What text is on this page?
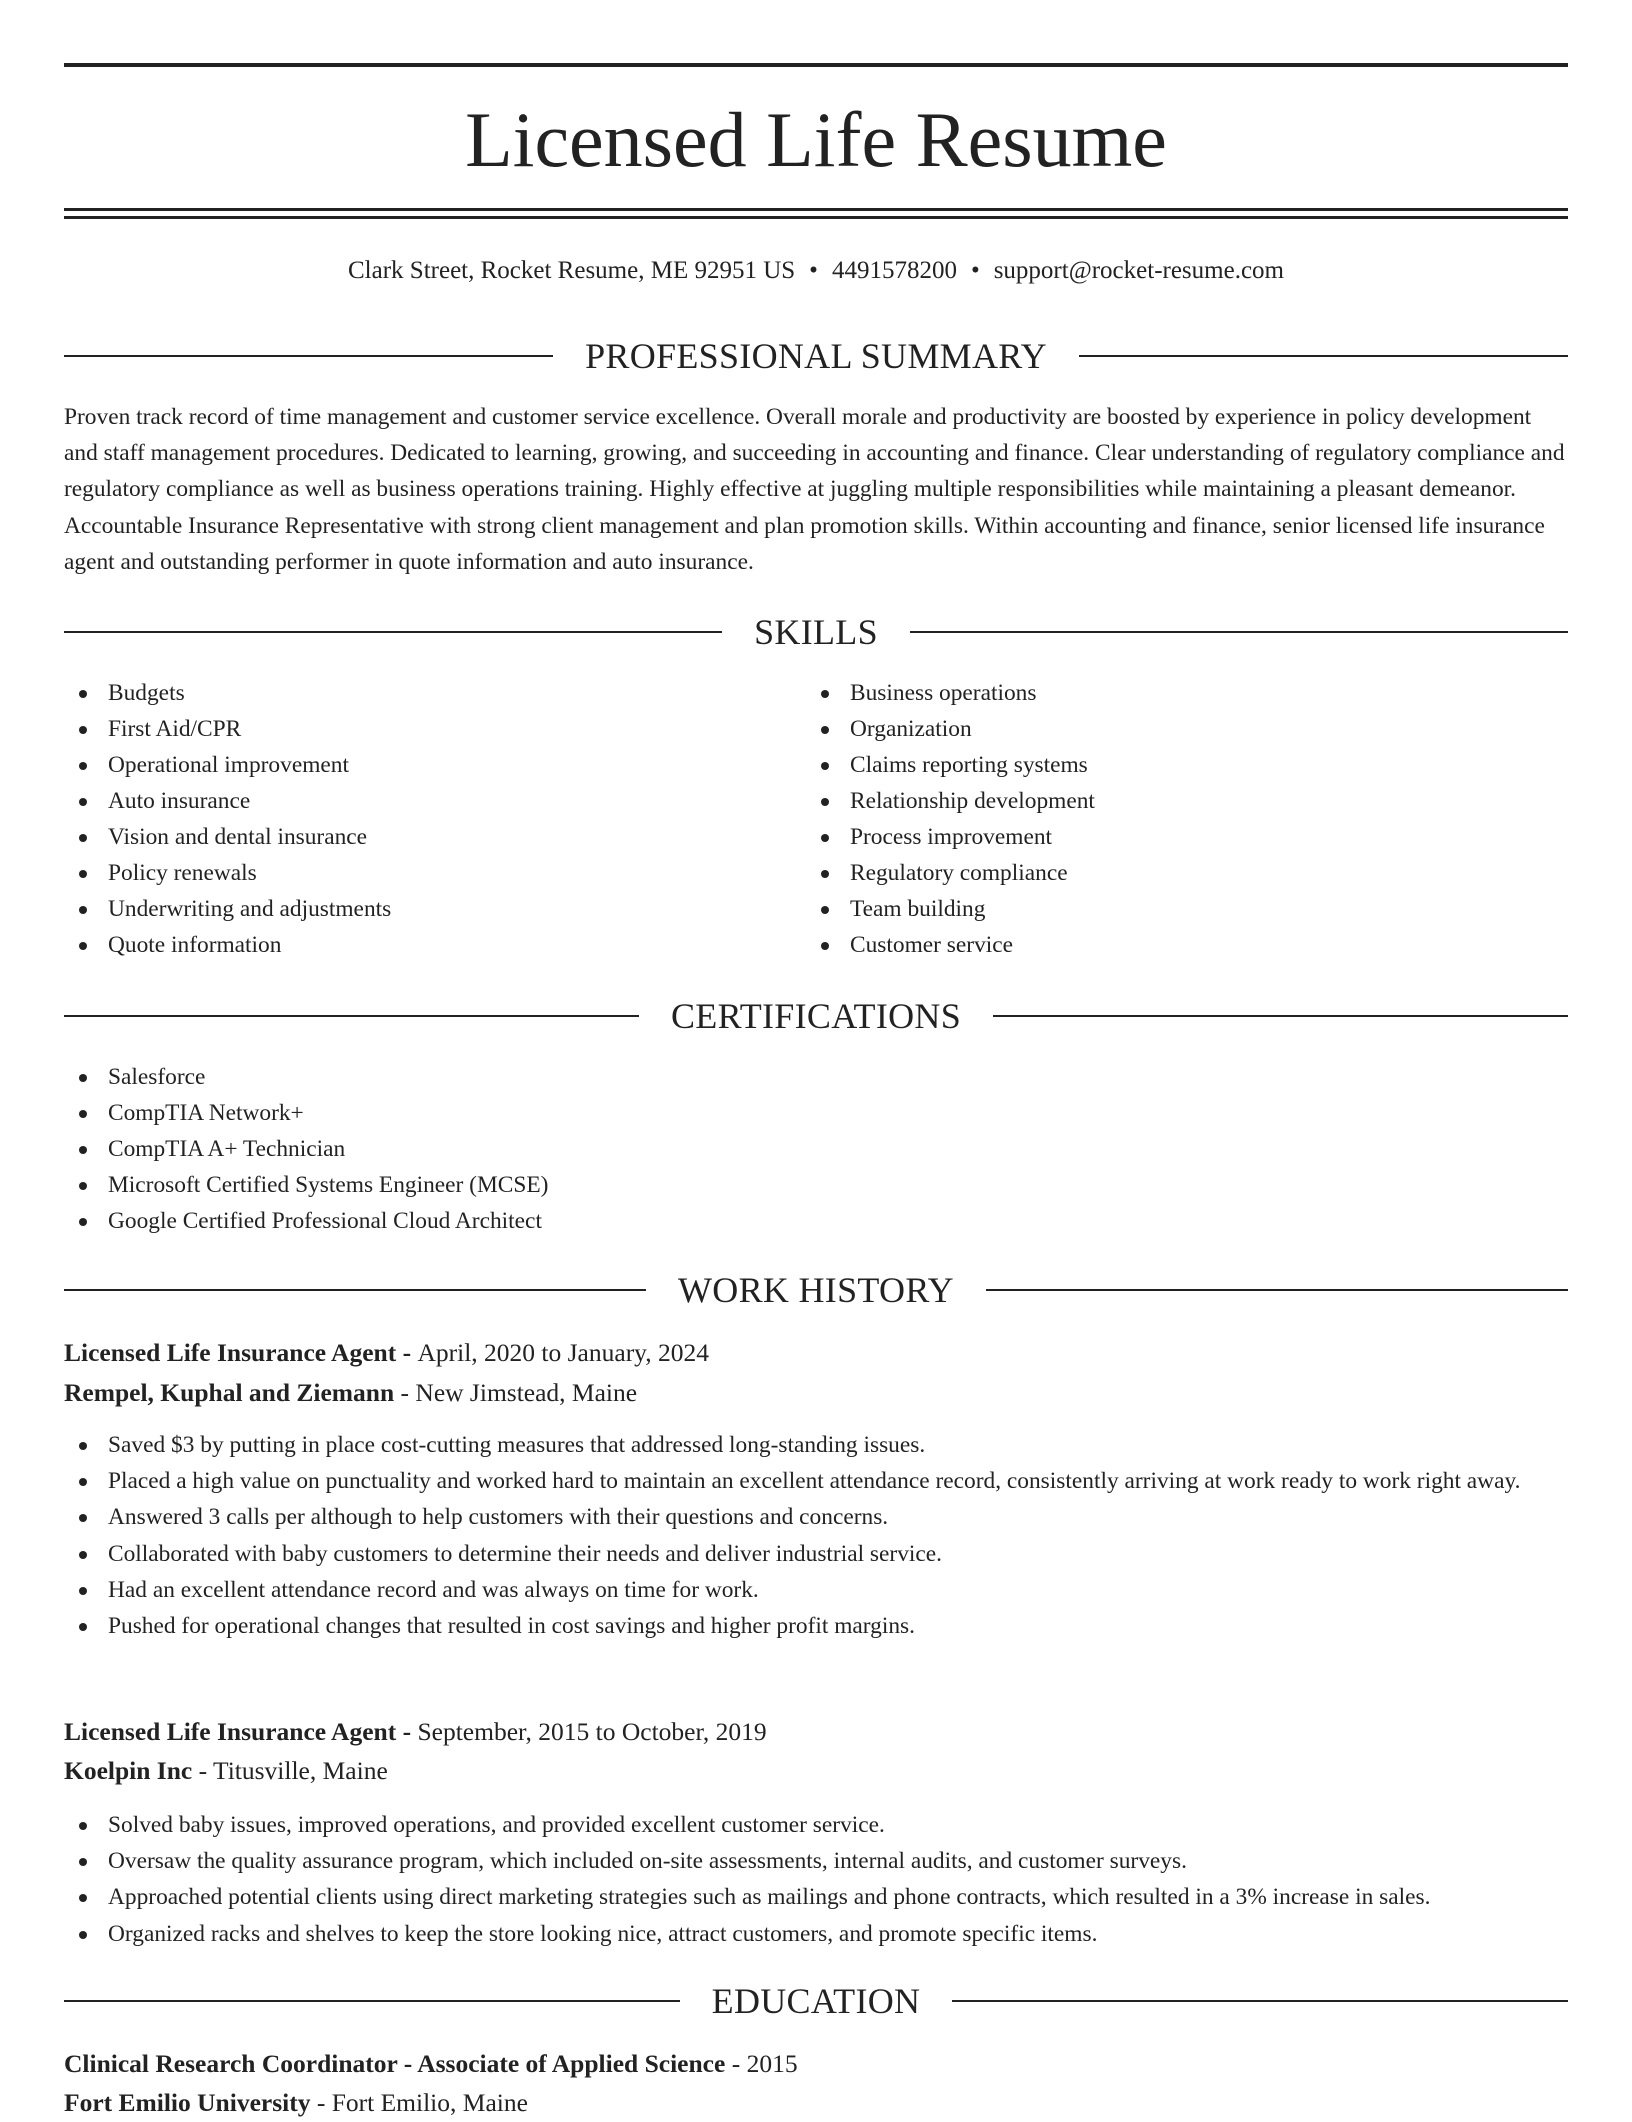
Licensed Life Resume
Clark Street, Rocket Resume, ME 92951 US • 4491578200 • support@rocket-resume.com
PROFESSIONAL SUMMARY

Proven track record of time management and customer service excellence. Overall morale and productivity are boosted by experience in policy development and staff management procedures. Dedicated to learning, growing, and succeeding in accounting and finance. Clear understanding of regulatory compliance and regulatory compliance as well as business operations training. Highly effective at juggling multiple responsibilities while maintaining a pleasant demeanor. Accountable Insurance Representative with strong client management and plan promotion skills. Within accounting and finance, senior licensed life insurance agent and outstanding performer in quote information and auto insurance.

SKILLS
Budgets
First Aid/CPR
Operational improvement
Auto insurance
Vision and dental insurance
Policy renewals
Underwriting and adjustments
Quote information
Business operations
Organization
Claims reporting systems
Relationship development
Process improvement
Regulatory compliance
Team building
Customer service
CERTIFICATIONS
Salesforce
CompTIA Network+
CompTIA A+ Technician
Microsoft Certified Systems Engineer (MCSE)
Google Certified Professional Cloud Architect
WORK HISTORY
Licensed Life Insurance Agent - April, 2020 to January, 2024
Rempel, Kuphal and Ziemann - New Jimstead, Maine
Saved $3 by putting in place cost-cutting measures that addressed long-standing issues.
Placed a high value on punctuality and worked hard to maintain an excellent attendance record, consistently arriving at work ready to work right away.
Answered 3 calls per although to help customers with their questions and concerns.
Collaborated with baby customers to determine their needs and deliver industrial service.
Had an excellent attendance record and was always on time for work.
Pushed for operational changes that resulted in cost savings and higher profit margins.
Licensed Life Insurance Agent - September, 2015 to October, 2019
Koelpin Inc - Titusville, Maine
Solved baby issues, improved operations, and provided excellent customer service.
Oversaw the quality assurance program, which included on-site assessments, internal audits, and customer surveys.
Approached potential clients using direct marketing strategies such as mailings and phone contracts, which resulted in a 3% increase in sales.
Organized racks and shelves to keep the store looking nice, attract customers, and promote specific items.
EDUCATION
Clinical Research Coordinator - Associate of Applied Science - 2015
Fort Emilio University - Fort Emilio, Maine
